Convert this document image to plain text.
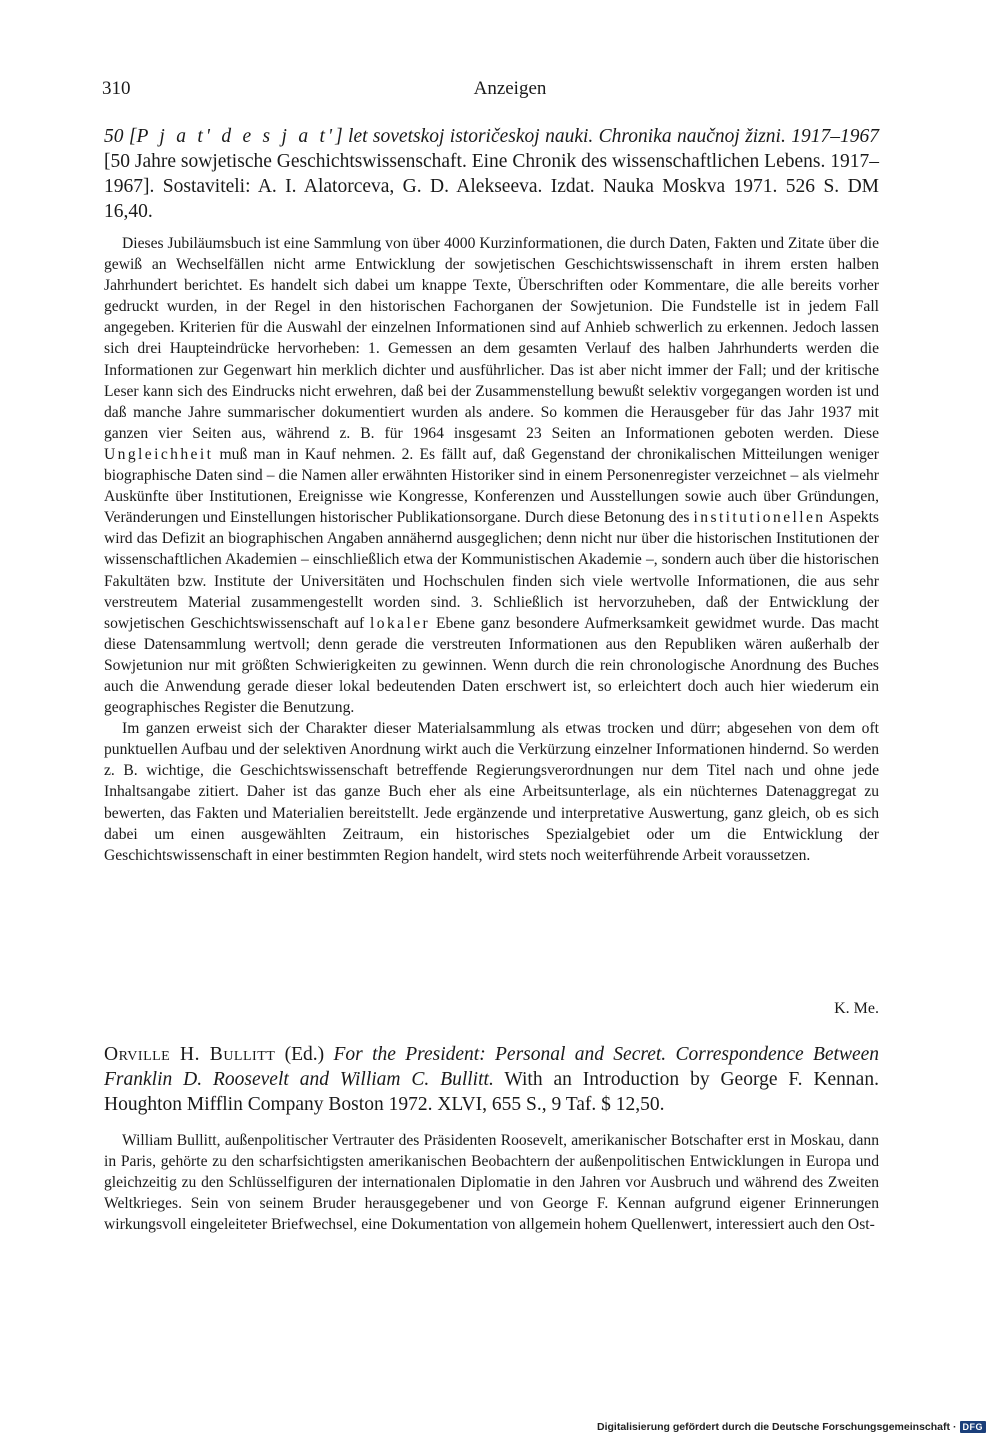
310	Anzeigen
50 [P j a t' d e s j a t'] let sovetskoj istoričeskoj nauki. Chronika naučnoj žizni. 1917–1967 [50 Jahre sowjetische Geschichtswissenschaft. Eine Chronik des wissenschaftlichen Lebens. 1917–1967]. Sostaviteli: A. I. Alatorceva, G. D. Alekseeva. Izdat. Nauka Moskva 1971. 526 S. DM 16,40.

Dieses Jubiläumsbuch ist eine Sammlung von über 4000 Kurzinformationen, die durch Daten, Fakten und Zitate über die gewiß an Wechselfällen nicht arme Entwicklung der sowjetischen Geschichtswissenschaft in ihrem ersten halben Jahrhundert berichtet. Es handelt sich dabei um knappe Texte, Überschriften oder Kommentare, die alle bereits vorher gedruckt wurden, in der Regel in den historischen Fachorganen der Sowjetunion. Die Fundstelle ist in jedem Fall angegeben. Kriterien für die Auswahl der einzelnen Informationen sind auf Anhieb schwerlich zu erkennen. Jedoch lassen sich drei Haupteindrücke hervorheben: 1. Gemessen an dem gesamten Verlauf des halben Jahrhunderts werden die Informationen zur Gegenwart hin merklich dichter und ausführlicher. Das ist aber nicht immer der Fall; und der kritische Leser kann sich des Eindrucks nicht erwehren, daß bei der Zusammenstellung bewußt selektiv vorgegangen worden ist und daß manche Jahre summarischer dokumentiert wurden als andere. So kommen die Herausgeber für das Jahr 1937 mit ganzen vier Seiten aus, während z. B. für 1964 insgesamt 23 Seiten an Informationen geboten werden. Diese Ungleichheit muß man in Kauf nehmen. 2. Es fällt auf, daß Gegenstand der chronikalischen Mitteilungen weniger biographische Daten sind – die Namen aller erwähnten Historiker sind in einem Personenregister verzeichnet – als vielmehr Auskünfte über Institutionen, Ereignisse wie Kongresse, Konferenzen und Ausstellungen sowie auch über Gründungen, Veränderungen und Einstellungen historischer Publikationsorgane. Durch diese Betonung des institutionellen Aspekts wird das Defizit an biographischen Angaben annähernd ausgeglichen; denn nicht nur über die historischen Institutionen der wissenschaftlichen Akademien – einschließlich etwa der Kommunistischen Akademie –, sondern auch über die historischen Fakultäten bzw. Institute der Universitäten und Hochschulen finden sich viele wertvolle Informationen, die aus sehr verstreutem Material zusammengestellt worden sind. 3. Schließlich ist hervorzuheben, daß der Entwicklung der sowjetischen Geschichtswissenschaft auf lokaler Ebene ganz besondere Aufmerksamkeit gewidmet wurde. Das macht diese Datensammlung wertvoll; denn gerade die verstreuten Informationen aus den Republiken wären außerhalb der Sowjetunion nur mit größten Schwierigkeiten zu gewinnen. Wenn durch die rein chronologische Anordnung des Buches auch die Anwendung gerade dieser lokal bedeutenden Daten erschwert ist, so erleichtert doch auch hier wiederum ein geographisches Register die Benutzung.

Im ganzen erweist sich der Charakter dieser Materialsammlung als etwas trocken und dürr; abgesehen von dem oft punktuellen Aufbau und der selektiven Anordnung wirkt auch die Verkürzung einzelner Informationen hindernd. So werden z. B. wichtige, die Geschichtswissenschaft betreffende Regierungsverordnungen nur dem Titel nach und ohne jede Inhaltsangabe zitiert. Daher ist das ganze Buch eher als eine Arbeitsunterlage, als ein nüchternes Datenaggregat zu bewerten, das Fakten und Materialien bereitstellt. Jede ergänzende und interpretative Auswertung, ganz gleich, ob es sich dabei um einen ausgewählten Zeitraum, ein historisches Spezialgebiet oder um die Entwicklung der Geschichtswissenschaft in einer bestimmten Region handelt, wird stets noch weiterführende Arbeit voraussetzen.

K. Me.
Orville H. Bullitt (Ed.) For the President: Personal and Secret. Correspondence Between Franklin D. Roosevelt and William C. Bullitt. With an Introduction by George F. Kennan. Houghton Mifflin Company Boston 1972. XLVI, 655 S., 9 Taf. $ 12,50.

William Bullitt, außenpolitischer Vertrauter des Präsidenten Roosevelt, amerikanischer Botschafter erst in Moskau, dann in Paris, gehörte zu den scharfsichtigsten amerikanischen Beobachtern der außenpolitischen Entwicklungen in Europa und gleichzeitig zu den Schlüsselfiguren der internationalen Diplomatie in den Jahren vor Ausbruch und während des Zweiten Weltkrieges. Sein von seinem Bruder herausgegebener und von George F. Kennan aufgrund eigener Erinnerungen wirkungsvoll eingeleiteter Briefwechsel, eine Dokumentation von allgemein hohem Quellenwert, interessiert auch den Ost-

Digitalisierung gefördert durch die Deutsche Forschungsgemeinschaft · DFG
